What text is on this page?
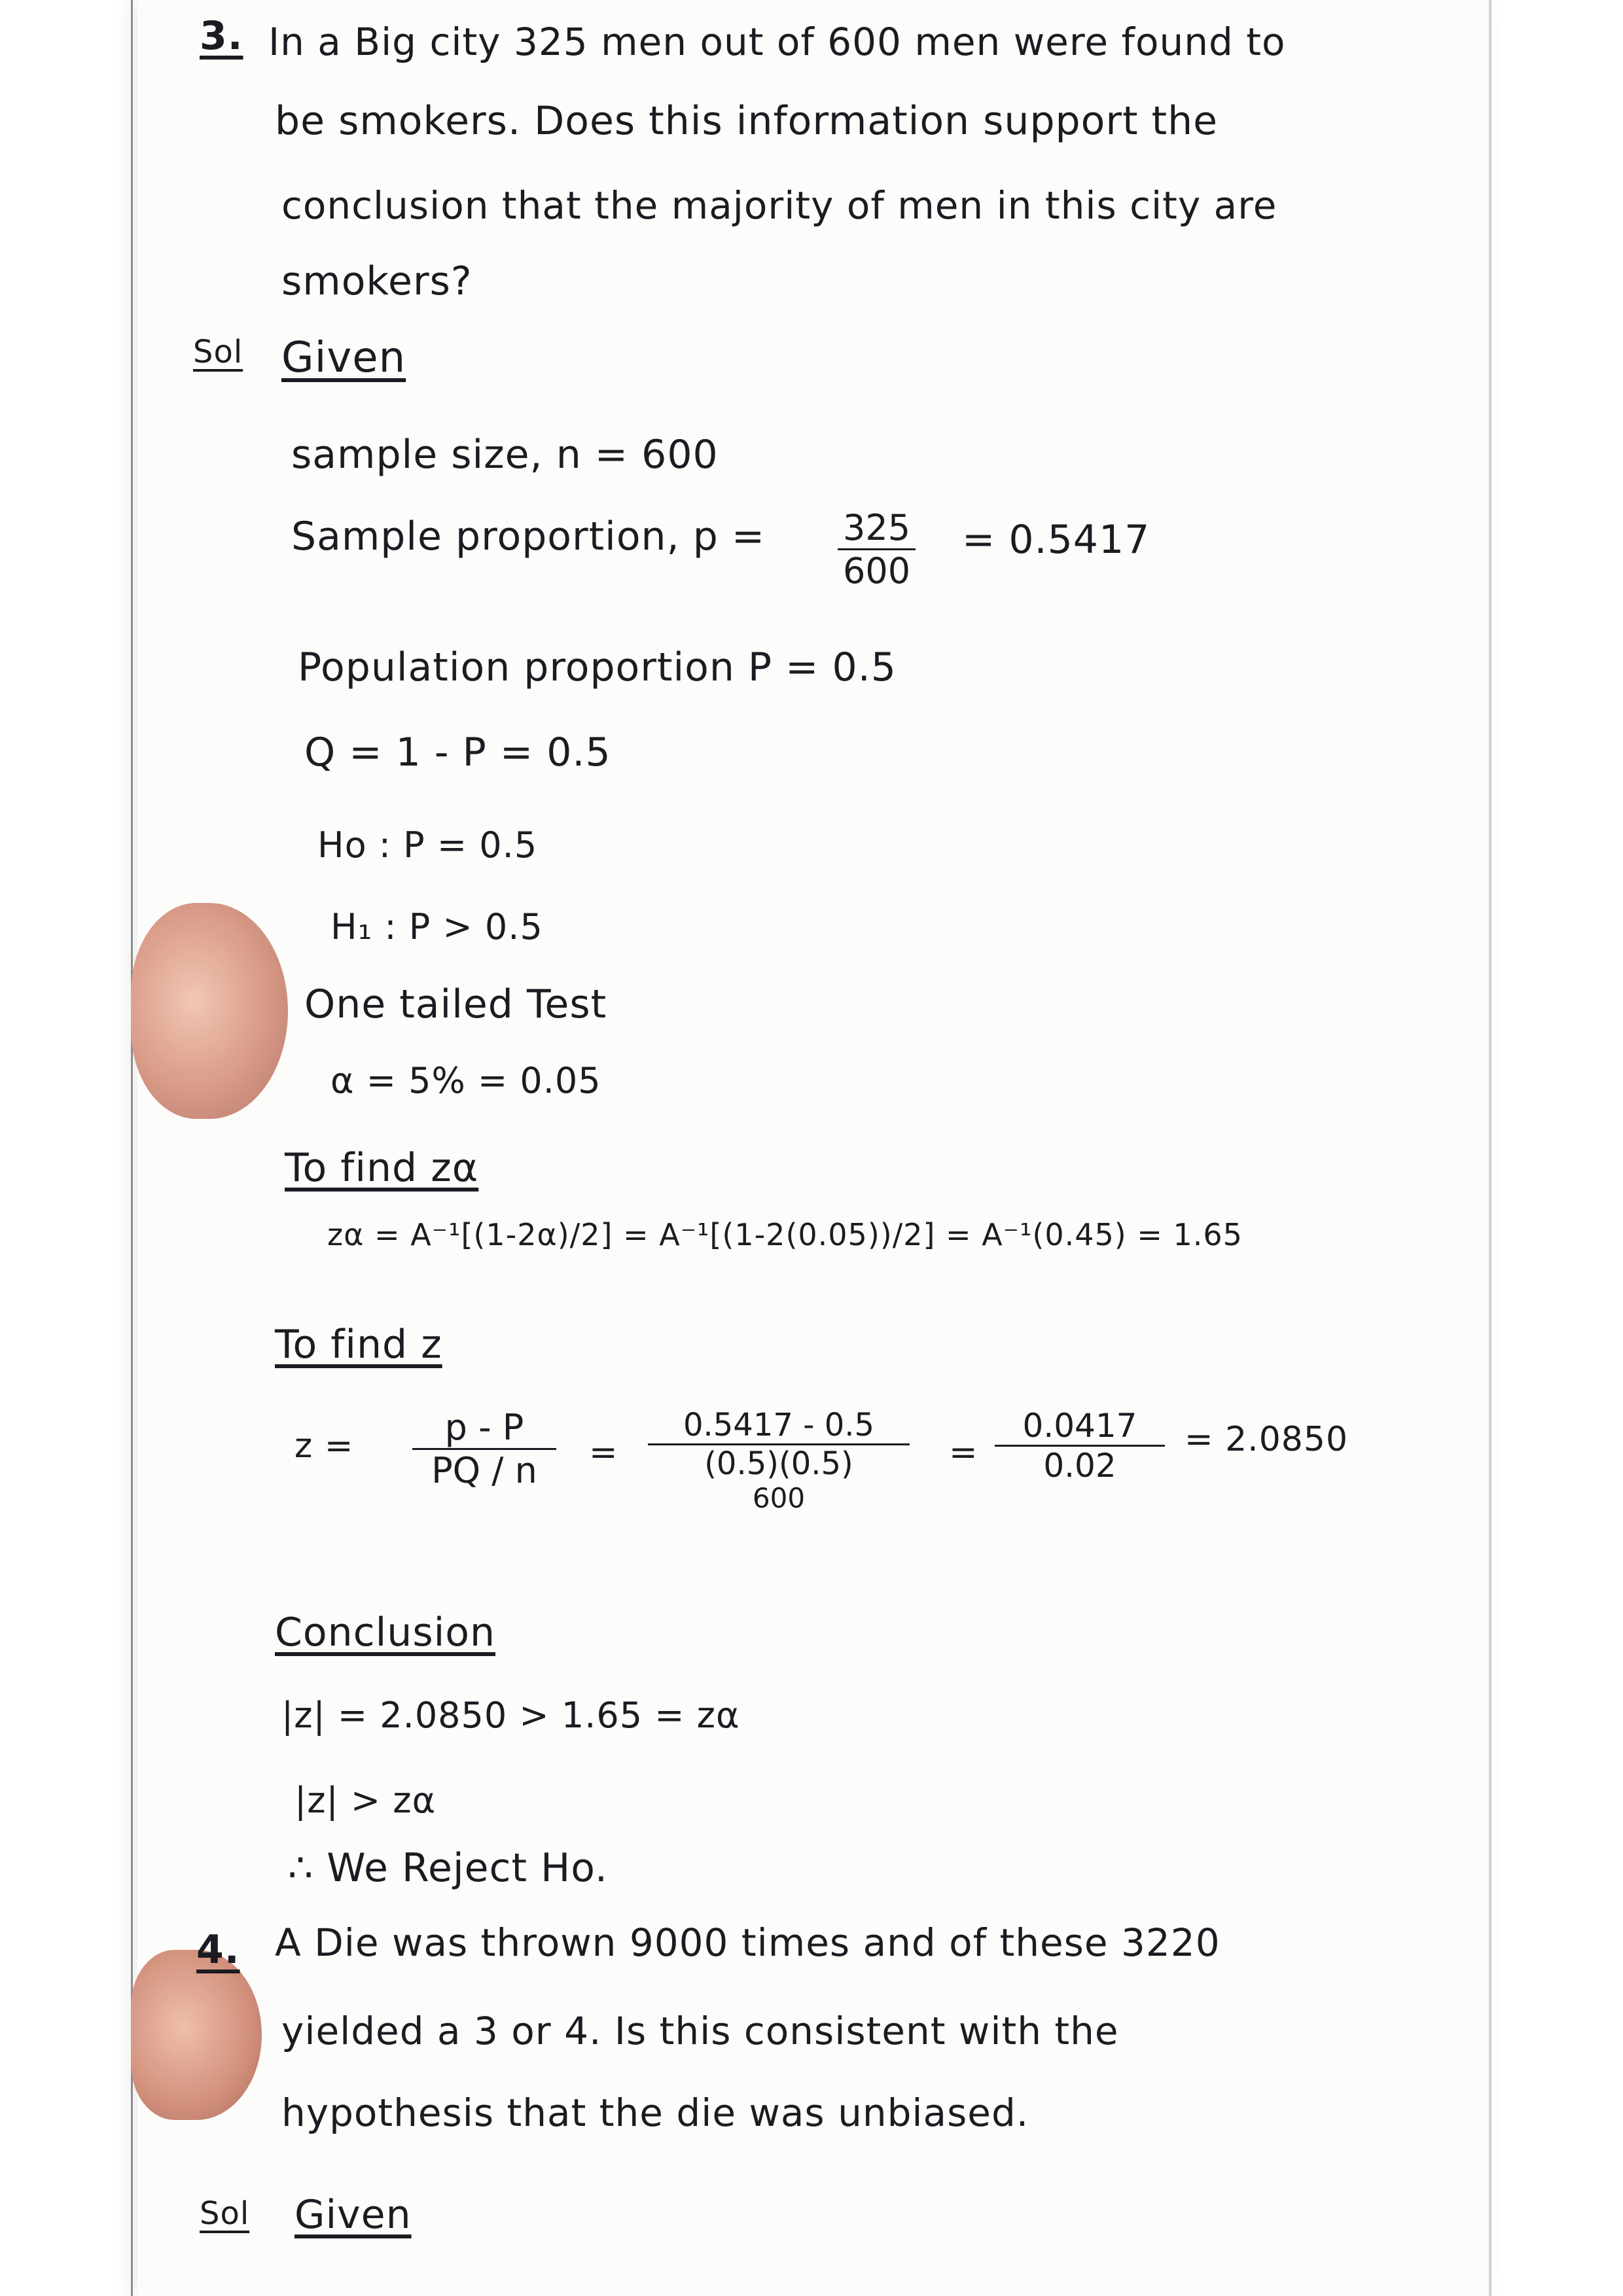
3. In a Big city 325 men out of 600 men were found to
be smokers. Does this information support the
conclusion that the majority of men in this city are
smokers?
Sol Given
sample size, n = 600
Sample proportion, $p = \frac{325}{600} = 0.5417$
Population proportion P = 0.5
Q = 1 - P = 0.5
Ho : P = 0.5
H₁ : P > 0.5
One tailed Test
α = 5% = 0.05
To find zα
zα = A⁻¹[(1-2α)/2] = A⁻¹[(1-2(0.05))/2] = A⁻¹(0.45) = 1.65
To find z
$z = \frac{p - P}{PQ / n}$ =
0.5417 - 0.5
(0.5)(0.5)
600
= $\frac{0.0417}{0.02} = 2.0850$
Conclusion
|z| = 2.0850 > 1.65 = zα
|z| > zα
∴ We Reject Ho.
4. A Die was thrown 9000 times and of these 3220
yielded a 3 or 4. Is this consistent with the
hypothesis that the die was unbiased.
Sol Given
